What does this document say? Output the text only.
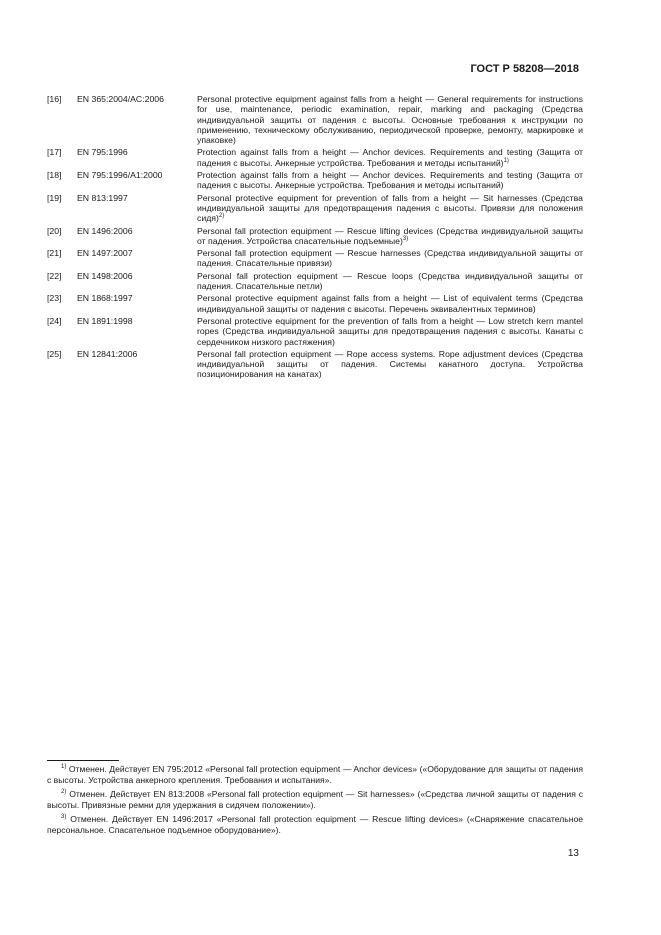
ГОСТ Р 58208—2018
[16]	EN 365:2004/AC:2006	Personal protective equipment against falls from a height — General requirements for instructions for use, maintenance, periodic examination, repair, marking and packaging (Средства индивидуальной защиты от падения с высоты. Основные требования к инструкции по применению, техническому обслуживанию, периодической проверке, ремонту, маркировке и упаковке)
[17]	EN 795:1996	Protection against falls from a height — Anchor devices. Requirements and testing (Защита от падения с высоты. Анкерные устройства. Требования и методы испытаний)$^{1)}$
[18]	EN 795:1996/A1:2000	Protection against falls from a height — Anchor devices. Requirements and testing (Защита от падения с высоты. Анкерные устройства. Требования и методы испытаний)
[19]	EN 813:1997	Personal protective equipment for prevention of falls from a height — Sit harnesses (Средства индивидуальной защиты для предотвращения падения с высоты. Привязи для положения сидя)$^{2)}$
[20]	EN 1496:2006	Personal fall protection equipment — Rescue lifting devices (Средства индивидуальной защиты от падения. Устройства спасательные подъемные)$^{3)}$
[21]	EN 1497:2007	Personal fall protection equipment — Rescue harnesses (Средства индивидуальной защиты от падения. Спасательные привязи)
[22]	EN 1498:2006	Personal fall protection equipment — Rescue loops (Средства индивидуальной защиты от падения. Спасательные петли)
[23]	EN 1868:1997	Personal protective equipment against falls from a height — List of equivalent terms (Средства индивидуальной защиты от падения с высоты. Перечень эквивалентных терминов)
[24]	EN 1891:1998	Personal protective equipment for the prevention of falls from a height — Low stretch kern mantel ropes (Средства индивидуальной защиты для предотвращения падения с высоты. Канаты с сердечником низкого растяжения)
[25]	EN 12841:2006	Personal fall protection equipment — Rope access systems. Rope adjustment devices (Средства индивидуальной защиты от падения. Системы канатного доступа. Устройства позиционирования на канатах)

$^{1)}$ Отменен. Действует EN 795:2012 «Personal fall protection equipment — Anchor devices» («Оборудование для защиты от падения с высоты. Устройства анкерного крепления. Требования и испытания».

$^{2)}$ Отменен. Действует EN 813:2008 «Personal fall protection equipment — Sit harnesses» («Средства личной защиты от падения с высоты. Привязные ремни для удержания в сидячем положении»).

$^{3)}$ Отменен. Действует EN 1496:2017 «Personal fall protection equipment — Rescue lifting devices» («Снаряжение спасательное персональное. Спасательное подъемное оборудование»).

13
